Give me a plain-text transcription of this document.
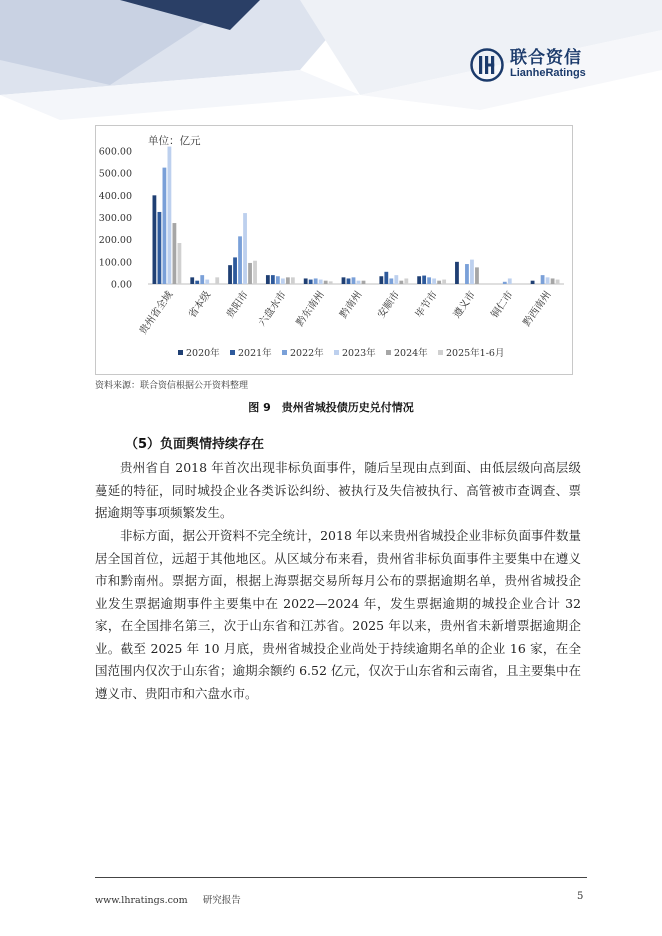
联合资信
LianheRatings
单位：亿元
0.00
100.00
200.00
300.00
400.00
500.00
600.00
贵州省全域 省本级 贵阳市 六盘水市 黔东南州 黔南州 安顺市 毕节市 遵义市 铜仁市 黔西南州
2020年 2021年 2022年 2023年 2024年 2025年1-6月
资料来源：联合资信根据公开资料整理
图 9　贵州省城投债历史兑付情况
（5）负面舆情持续存在

贵州省自 2018 年首次出现非标负面事件，随后呈现由点到面、由低层级向高层级蔓延的特征，同时城投企业各类诉讼纠纷、被执行及失信被执行、高管被市查调查、票据逾期等事项频繁发生。

非标方面，据公开资料不完全统计，2018 年以来贵州省城投企业非标负面事件数量居全国首位，远超于其他地区。从区域分布来看，贵州省非标负面事件主要集中在遵义市和黔南州。票据方面，根据上海票据交易所每月公布的票据逾期名单，贵州省城投企业发生票据逾期事件主要集中在 2022—2024 年，发生票据逾期的城投企业合计 32 家，在全国排名第三，次于山东省和江苏省。2025 年以来，贵州省未新增票据逾期企业。截至 2025 年 10 月底，贵州省城投企业尚处于持续逾期名单的企业 16 家，在全国范围内仅次于山东省；逾期余额约 6.52 亿元，仅次于山东省和云南省，且主要集中在遵义市、贵阳市和六盘水市。

www.lhratings.com 研究报告	5
